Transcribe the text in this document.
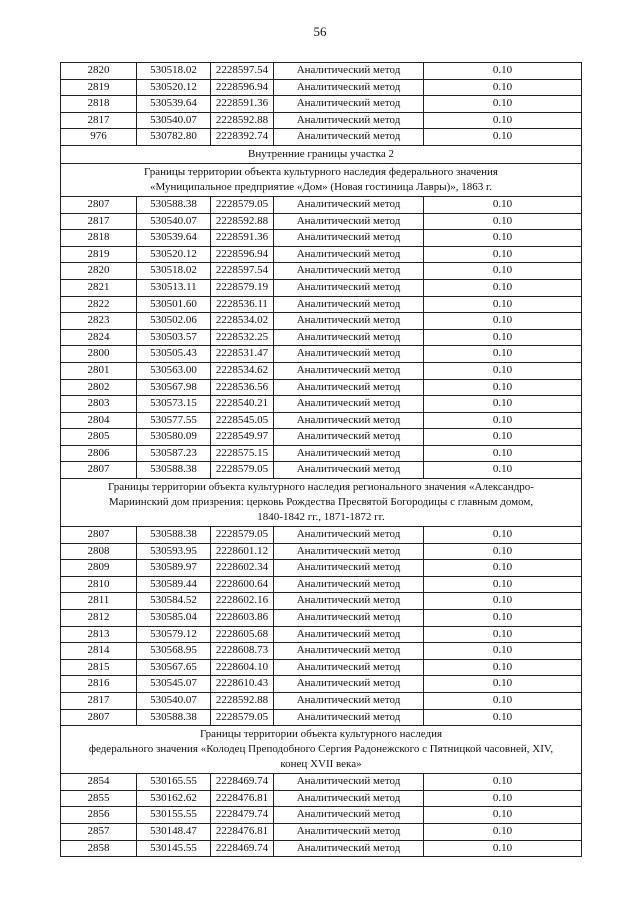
56
2820	530518.02	2228597.54	Аналитический метод	0.10
2819	530520.12	2228596.94	Аналитический метод	0.10
2818	530539.64	2228591.36	Аналитический метод	0.10
2817	530540.07	2228592.88	Аналитический метод	0.10
976	530782.80	2228392.74	Аналитический метод	0.10

Внутренние границы участка 2				

Границы территории объекта культурного наследия федерального значения
«Муниципальное предприятие «Дом» (Новая гостиница Лавры)», 1863 г.				

2807	530588.38	2228579.05	Аналитический метод	0.10
2817	530540.07	2228592.88	Аналитический метод	0.10
2818	530539.64	2228591.36	Аналитический метод	0.10
2819	530520.12	2228596.94	Аналитический метод	0.10
2820	530518.02	2228597.54	Аналитический метод	0.10
2821	530513.11	2228579.19	Аналитический метод	0.10
2822	530501.60	2228536.11	Аналитический метод	0.10
2823	530502.06	2228534.02	Аналитический метод	0.10
2824	530503.57	2228532.25	Аналитический метод	0.10
2800	530505.43	2228531.47	Аналитический метод	0.10
2801	530563.00	2228534.62	Аналитический метод	0.10
2802	530567.98	2228536.56	Аналитический метод	0.10
2803	530573.15	2228540.21	Аналитический метод	0.10
2804	530577.55	2228545.05	Аналитический метод	0.10
2805	530580.09	2228549.97	Аналитический метод	0.10
2806	530587.23	2228575.15	Аналитический метод	0.10
2807	530588.38	2228579.05	Аналитический метод	0.10

Границы территории объекта культурного наследия регионального значения «Александро-
Мариинский дом призрения: церковь Рождества Пресвятой Богородицы с главным домом,
1840-1842 гг., 1871-1872 гг.				

2807	530588.38	2228579.05	Аналитический метод	0.10
2808	530593.95	2228601.12	Аналитический метод	0.10
2809	530589.97	2228602.34	Аналитический метод	0.10
2810	530589.44	2228600.64	Аналитический метод	0.10
2811	530584.52	2228602.16	Аналитический метод	0.10
2812	530585.04	2228603.86	Аналитический метод	0.10
2813	530579.12	2228605.68	Аналитический метод	0.10
2814	530568.95	2228608.73	Аналитический метод	0.10
2815	530567.65	2228604.10	Аналитический метод	0.10
2816	530545.07	2228610.43	Аналитический метод	0.10
2817	530540.07	2228592.88	Аналитический метод	0.10
2807	530588.38	2228579.05	Аналитический метод	0.10

Границы территории объекта культурного наследия
федерального значения «Колодец Преподобного Сергия Радонежского с Пятницкой часовней, XIV,
конец XVII века»				

2854	530165.55	2228469.74	Аналитический метод	0.10
2855	530162.62	2228476.81	Аналитический метод	0.10
2856	530155.55	2228479.74	Аналитический метод	0.10
2857	530148.47	2228476.81	Аналитический метод	0.10
2858	530145.55	2228469.74	Аналитический метод	0.10
